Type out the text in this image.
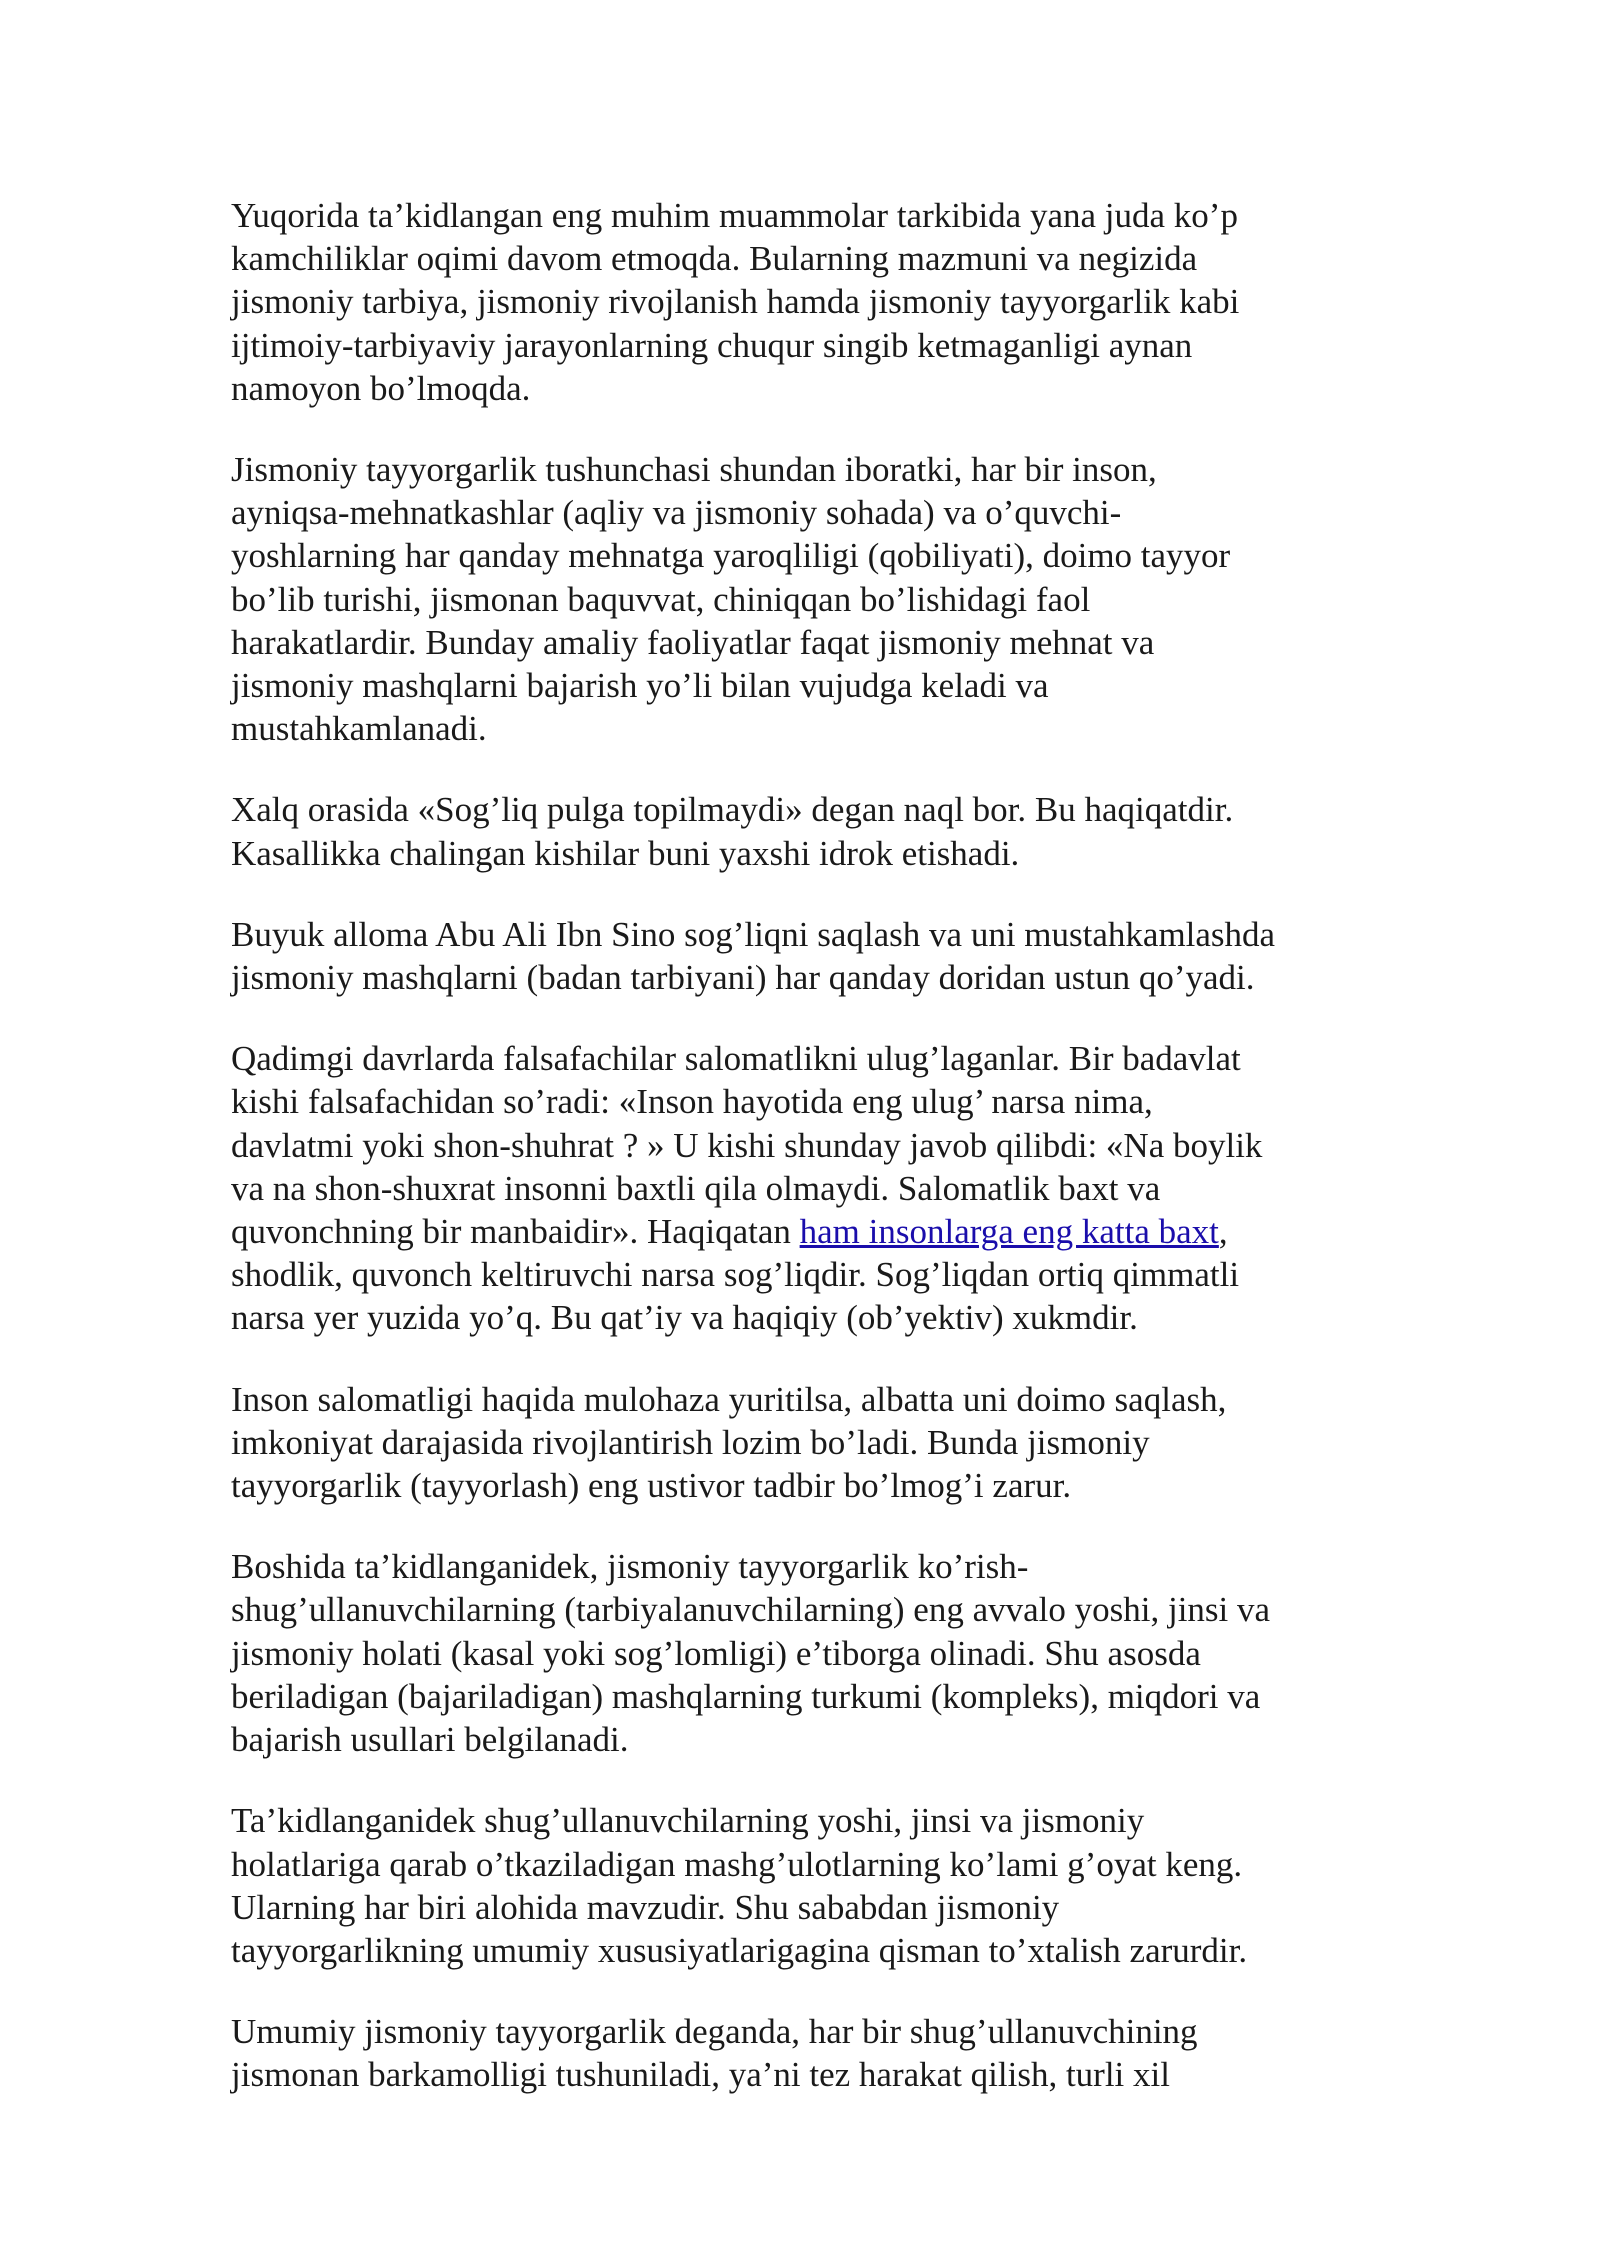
Yuqorida ta’kidlangan eng muhim muammolar tarkibida yana juda ko’p
kamchiliklar oqimi davom etmoqda. Bularning mazmuni va negizida
jismoniy tarbiya, jismoniy rivojlanish hamda jismoniy tayyorgarlik kabi
ijtimoiy-tarbiyaviy jarayonlarning chuqur singib ketmaganligi aynan
namoyon bo’lmoqda.

Jismoniy tayyorgarlik tushunchasi shundan iboratki, har bir inson,
ayniqsa-mehnatkashlar (aqliy va jismoniy sohada) va o’quvchi-
yoshlarning har qanday mehnatga yaroqliligi (qobiliyati), doimo tayyor
bo’lib turishi, jismonan baquvvat, chiniqqan bo’lishidagi faol
harakatlardir. Bunday amaliy faoliyatlar faqat jismoniy mehnat va
jismoniy mashqlarni bajarish yo’li bilan vujudga keladi va
mustahkamlanadi.

Xalq orasida «Sog’liq pulga topilmaydi» degan naql bor. Bu haqiqatdir.
Kasallikka chalingan kishilar buni yaxshi idrok etishadi.

Buyuk alloma Abu Ali Ibn Sino sog’liqni saqlash va uni mustahkamlashda
jismoniy mashqlarni (badan tarbiyani) har qanday doridan ustun qo’yadi.

Qadimgi davrlarda falsafachilar salomatlikni ulug’laganlar. Bir badavlat
kishi falsafachidan so’radi: «Inson hayotida eng ulug’ narsa nima,
davlatmi yoki shon-shuhrat ? » U kishi shunday javob qilibdi: «Na boylik
va na shon-shuxrat insonni baxtli qila olmaydi. Salomatlik baxt va
quvonchning bir manbaidir». Haqiqatan ham insonlarga eng katta baxt,
shodlik, quvonch keltiruvchi narsa sog’liqdir. Sog’liqdan ortiq qimmatli
narsa yer yuzida yo’q. Bu qat’iy va haqiqiy (ob’yektiv) xukmdir.

Inson salomatligi haqida mulohaza yuritilsa, albatta uni doimo saqlash,
imkoniyat darajasida rivojlantirish lozim bo’ladi. Bunda jismoniy
tayyorgarlik (tayyorlash) eng ustivor tadbir bo’lmog’i zarur.

Boshida ta’kidlanganidek, jismoniy tayyorgarlik ko’rish-
shug’ullanuvchilarning (tarbiyalanuvchilarning) eng avvalo yoshi, jinsi va
jismoniy holati (kasal yoki sog’lomligi) e’tiborga olinadi. Shu asosda
beriladigan (bajariladigan) mashqlarning turkumi (kompleks), miqdori va
bajarish usullari belgilanadi.

Ta’kidlanganidek shug’ullanuvchilarning yoshi, jinsi va jismoniy
holatlariga qarab o’tkaziladigan mashg’ulotlarning ko’lami g’oyat keng.
Ularning har biri alohida mavzudir. Shu sababdan jismoniy
tayyorgarlikning umumiy xususiyatlarigagina qisman to’xtalish zarurdir.

Umumiy jismoniy tayyorgarlik deganda, har bir shug’ullanuvchining
jismonan barkamolligi tushuniladi, ya’ni tez harakat qilish, turli xil
